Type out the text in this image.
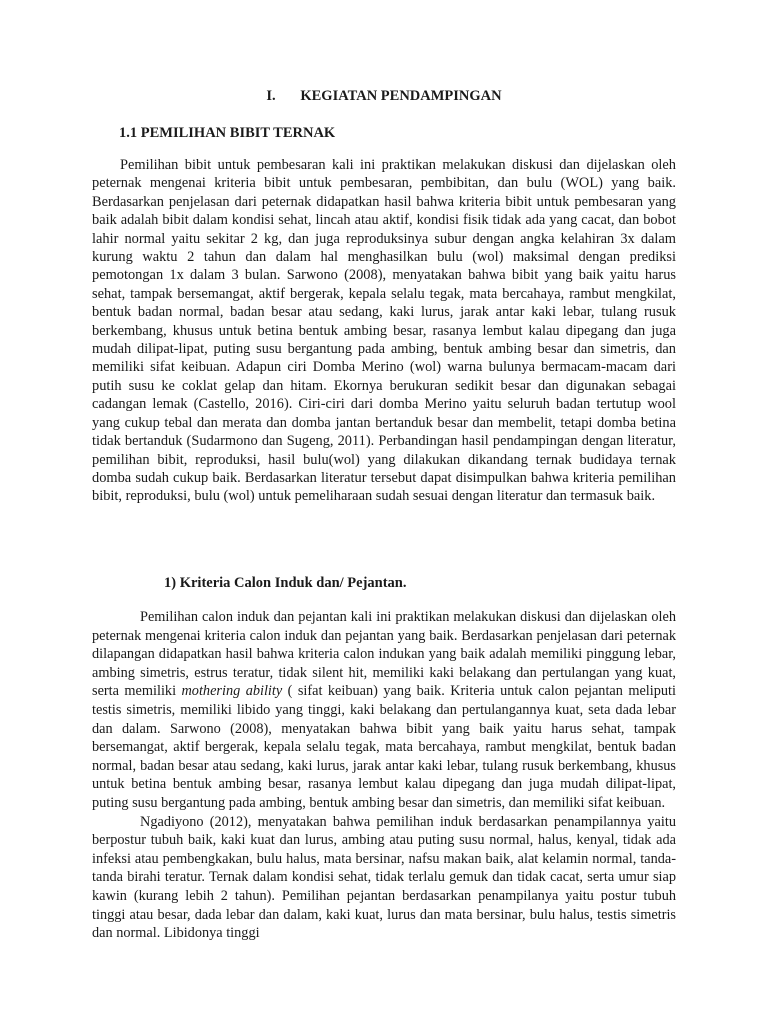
I. KEGIATAN PENDAMPINGAN
1.1 PEMILIHAN BIBIT TERNAK

Pemilihan bibit untuk pembesaran kali ini praktikan melakukan diskusi dan dijelaskan oleh peternak mengenai kriteria bibit untuk pembesaran, pembibitan, dan bulu (WOL) yang baik. Berdasarkan penjelasan dari peternak didapatkan hasil bahwa kriteria bibit untuk pembesaran yang baik adalah bibit dalam kondisi sehat, lincah atau aktif, kondisi fisik tidak ada yang cacat, dan bobot lahir normal yaitu sekitar 2 kg, dan juga reproduksinya subur dengan angka kelahiran 3x dalam kurung waktu 2 tahun dan dalam hal menghasilkan bulu (wol) maksimal dengan prediksi pemotongan 1x dalam 3 bulan. Sarwono (2008), menyatakan bahwa bibit yang baik yaitu harus sehat, tampak bersemangat, aktif bergerak, kepala selalu tegak, mata bercahaya, rambut mengkilat, bentuk badan normal, badan besar atau sedang, kaki lurus, jarak antar kaki lebar, tulang rusuk berkembang, khusus untuk betina bentuk ambing besar, rasanya lembut kalau dipegang dan juga mudah dilipat-lipat, puting susu bergantung pada ambing, bentuk ambing besar dan simetris, dan memiliki sifat keibuan. Adapun ciri Domba Merino (wol) warna bulunya bermacam-macam dari putih susu ke coklat gelap dan hitam. Ekornya berukuran sedikit besar dan digunakan sebagai cadangan lemak (Castello, 2016). Ciri-ciri dari domba Merino yaitu seluruh badan tertutup wool yang cukup tebal dan merata dan domba jantan bertanduk besar dan membelit, tetapi domba betina tidak bertanduk (Sudarmono dan Sugeng, 2011). Perbandingan hasil pendampingan dengan literatur, pemilihan bibit, reproduksi, hasil bulu(wol) yang dilakukan dikandang ternak budidaya ternak domba sudah cukup baik. Berdasarkan literatur tersebut dapat disimpulkan bahwa kriteria pemilihan bibit, reproduksi, bulu (wol) untuk pemeliharaan sudah sesuai dengan literatur dan termasuk baik.

1) Kriteria Calon Induk dan/ Pejantan.

Pemilihan calon induk dan pejantan kali ini praktikan melakukan diskusi dan dijelaskan oleh peternak mengenai kriteria calon induk dan pejantan yang baik. Berdasarkan penjelasan dari peternak dilapangan didapatkan hasil bahwa kriteria calon indukan yang baik adalah memiliki pinggung lebar, ambing simetris, estrus teratur, tidak silent hit, memiliki kaki belakang dan pertulangan yang kuat, serta memiliki mothering ability ( sifat keibuan) yang baik. Kriteria untuk calon pejantan meliputi testis simetris, memiliki libido yang tinggi, kaki belakang dan pertulangannya kuat, seta dada lebar dan dalam. Sarwono (2008), menyatakan bahwa bibit yang baik yaitu harus sehat, tampak bersemangat, aktif bergerak, kepala selalu tegak, mata bercahaya, rambut mengkilat, bentuk badan normal, badan besar atau sedang, kaki lurus, jarak antar kaki lebar, tulang rusuk berkembang, khusus untuk betina bentuk ambing besar, rasanya lembut kalau dipegang dan juga mudah dilipat-lipat, puting susu bergantung pada ambing, bentuk ambing besar dan simetris, dan memiliki sifat keibuan.

Ngadiyono (2012), menyatakan bahwa pemilihan induk berdasarkan penampilannya yaitu berpostur tubuh baik, kaki kuat dan lurus, ambing atau puting susu normal, halus, kenyal, tidak ada infeksi atau pembengkakan, bulu halus, mata bersinar, nafsu makan baik, alat kelamin normal, tanda-tanda birahi teratur. Ternak dalam kondisi sehat, tidak terlalu gemuk dan tidak cacat, serta umur siap kawin (kurang lebih 2 tahun). Pemilihan pejantan berdasarkan penampilanya yaitu postur tubuh tinggi atau besar, dada lebar dan dalam, kaki kuat, lurus dan mata bersinar, bulu halus, testis simetris dan normal. Libidonya tinggi
